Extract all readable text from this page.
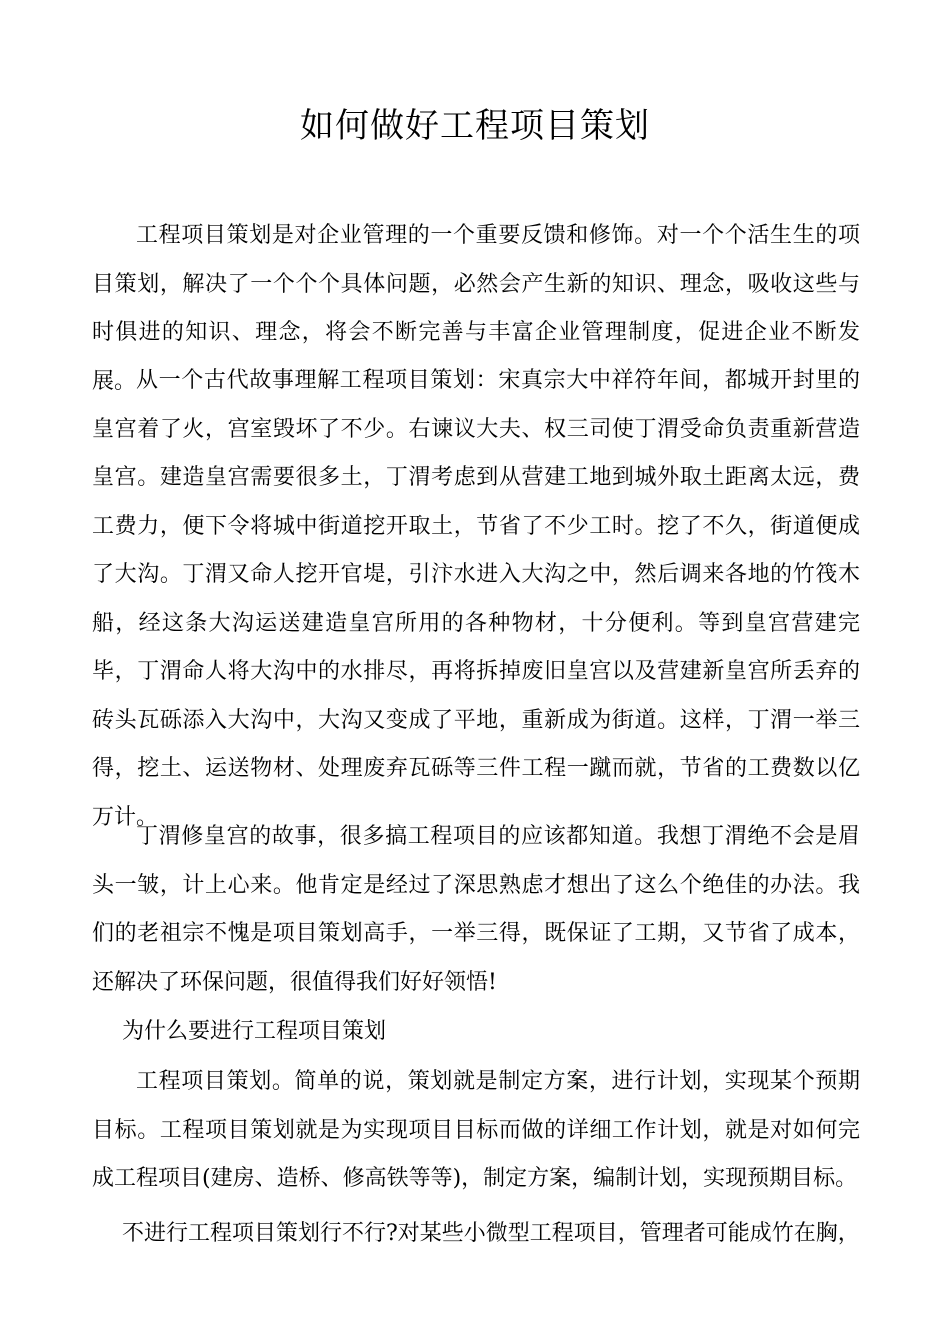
如何做好工程项目策划

工程项目策划是对企业管理的一个重要反馈和修饰。对一个个活生生的项目策划，解决了一个个个具体问题，必然会产生新的知识、理念，吸收这些与时俱进的知识、理念，将会不断完善与丰富企业管理制度，促进企业不断发展。 从一个古代故事理解工程项目策划：宋真宗大中祥符年间，都城开封里的皇宫着了火，宫室毁坏了不少。右谏议大夫、权三司使丁渭受命负责重新营造皇宫。建造皇宫需要很多土，丁渭考虑到从营建工地到城外取土距离太远，费工费力，便下令将城中街道挖开取土，节省了不少工时。挖了不久，街道便成了大沟。丁渭又命人挖开官堤，引汴水进入大沟之中，然后调来各地的竹筏木船，经这条大沟运送建造皇宫所用的各种物材，十分便利。等到皇宫营建完毕，丁渭命人将大沟中的水排尽，再将拆掉废旧皇宫以及营建新皇宫所丢弃的砖头瓦砾添入大沟中，大沟又变成了平地，重新成为街道。这样，丁渭一举三得，挖土、运送物材、处理废弃瓦砾等三件工程一蹴而就，节省的工费数以亿万计。

丁渭修皇宫的故事，很多搞工程项目的应该都知道。我想丁渭绝不会是眉头一皱，计上心来。他肯定是经过了深思熟虑才想出了这么个绝佳的办法。我们的老祖宗不愧是项目策划高手，一举三得，既保证了工期，又节省了成本，还解决了环保问题，很值得我们好好领悟!

为什么要进行工程项目策划

工程项目策划。简单的说，策划就是制定方案，进行计划，实现某个预期目标。工程项目策划就是为实现项目目标而做的详细工作计划，就是对如何完成工程项目(建房、造桥、修高铁等等)，制定方案，编制计划，实现预期目标。

不进行工程项目策划行不行?对某些小微型工程项目，管理者可能成竹在胸，
